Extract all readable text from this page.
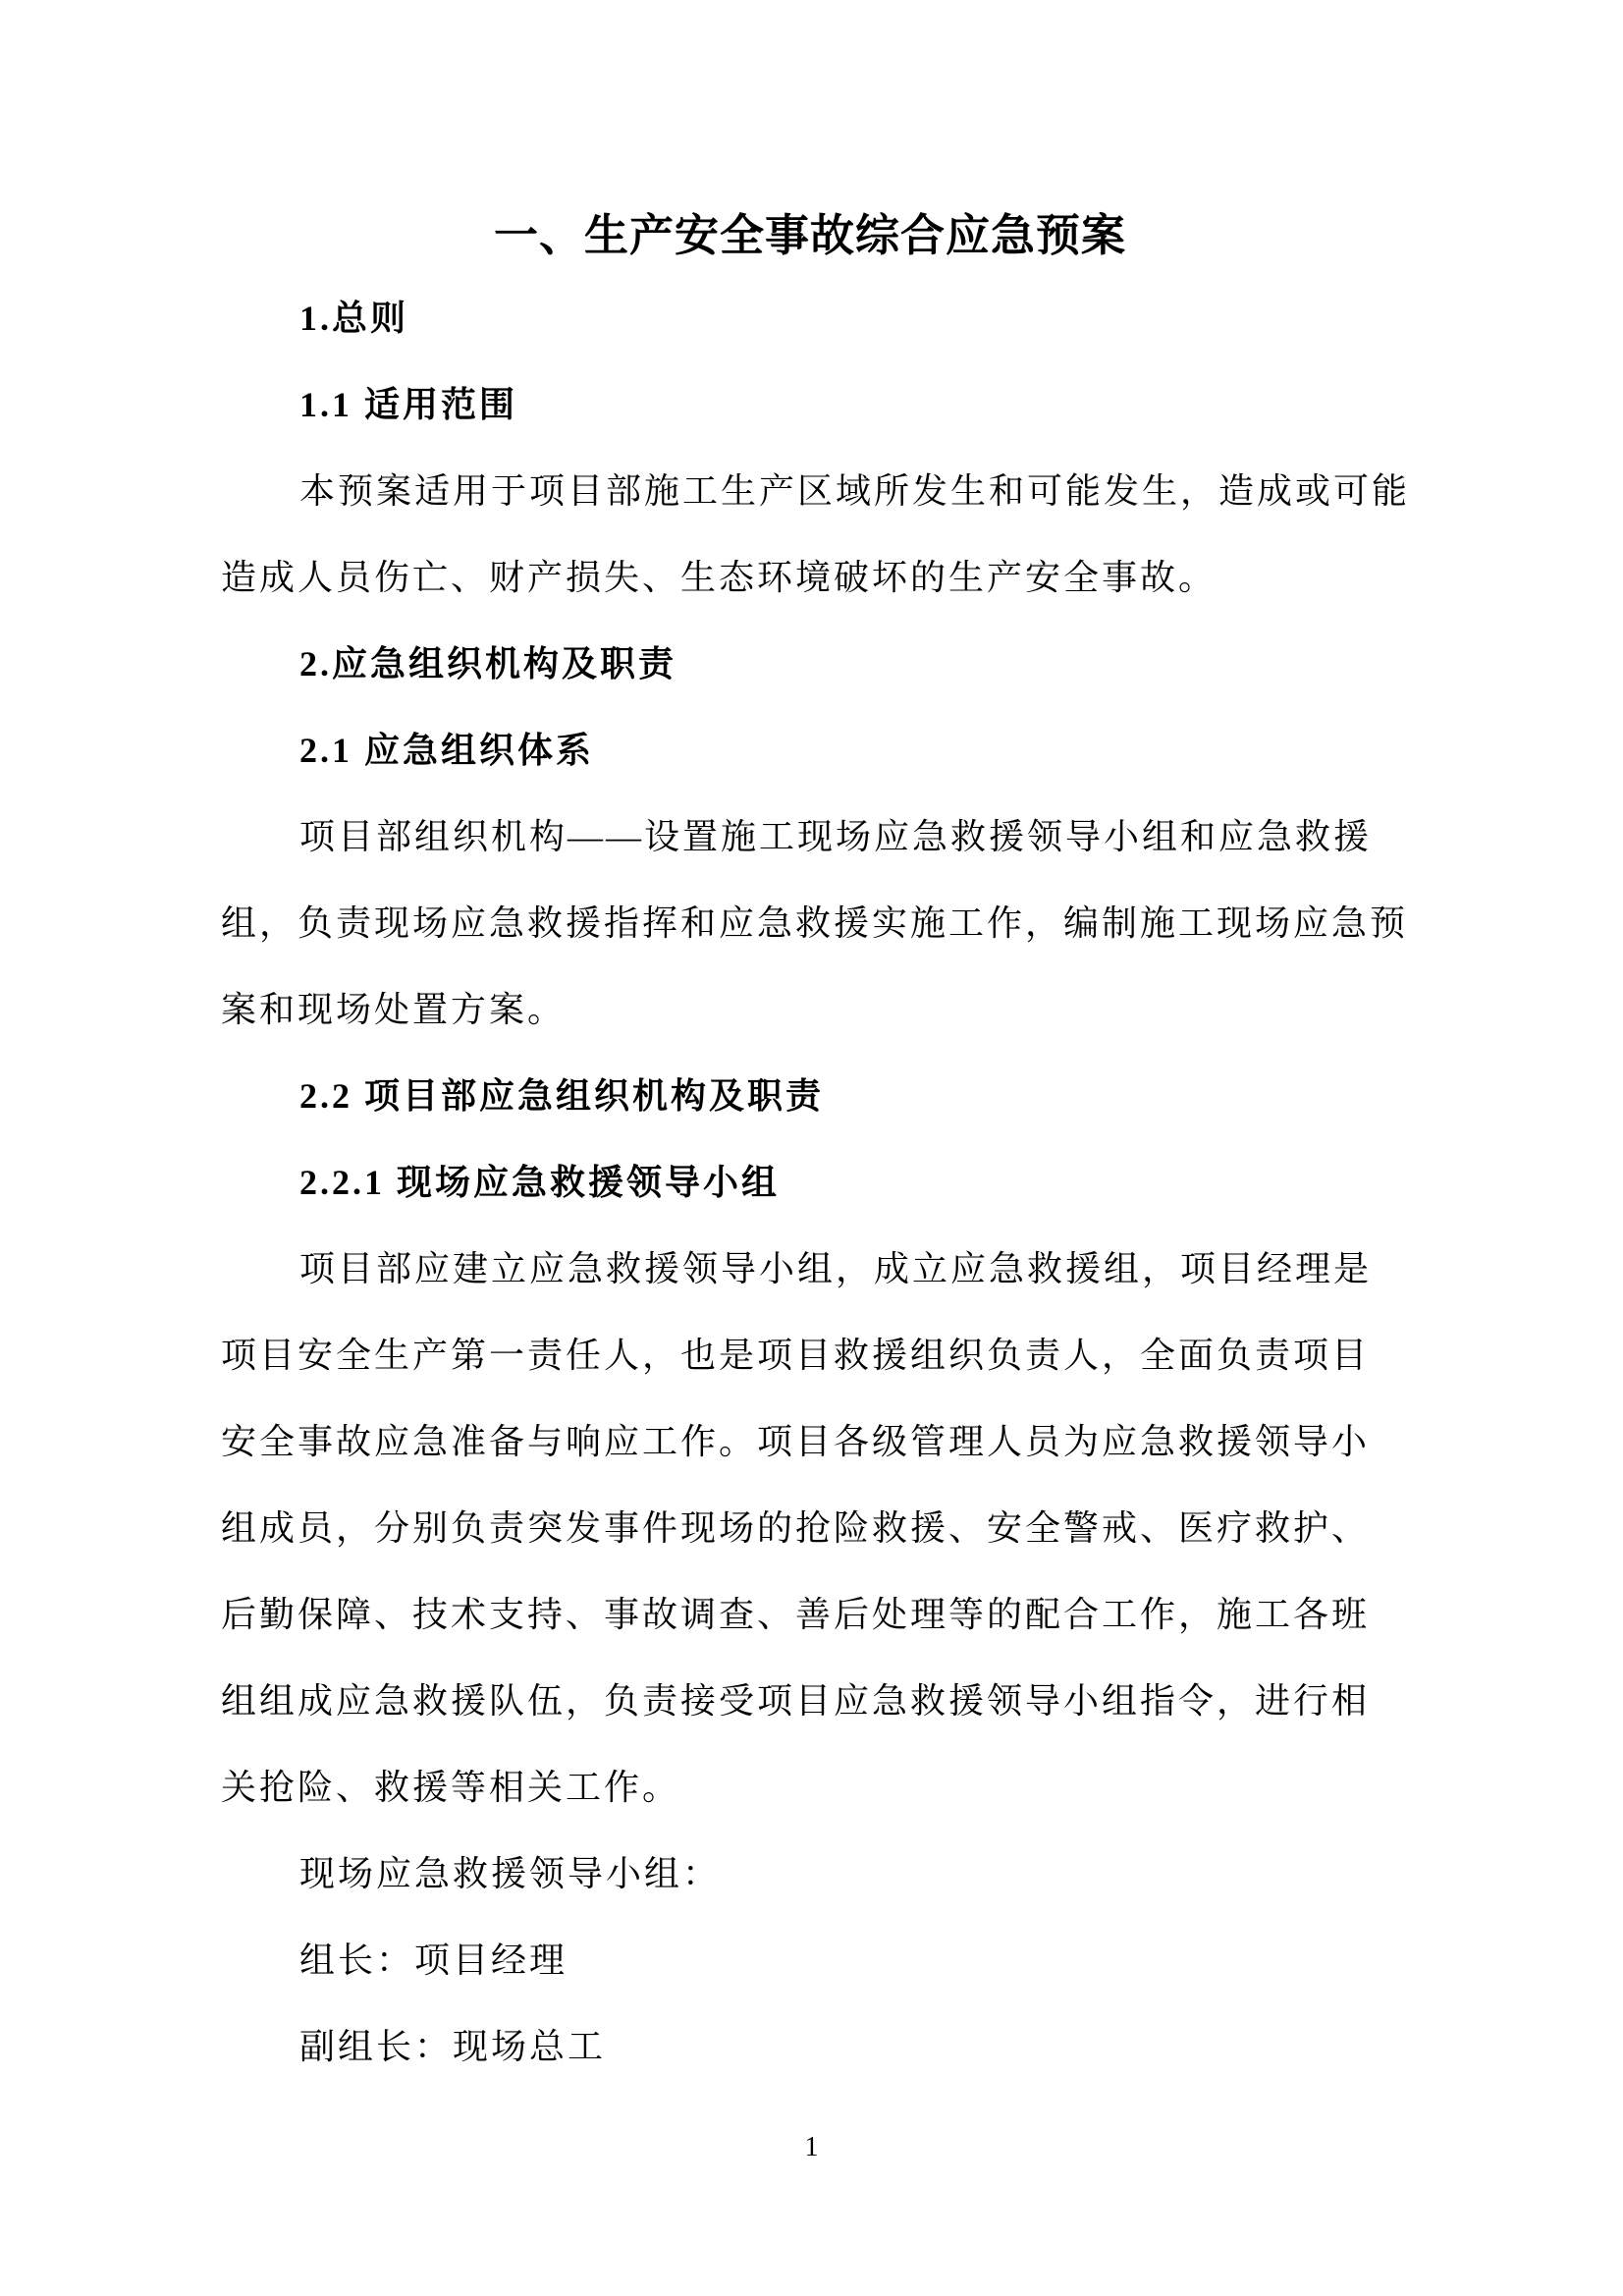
一、生产安全事故综合应急预案
1.总则
1.1 适用范围
本预案适用于项目部施工生产区域所发生和可能发生，造成或可能
造成人员伤亡、财产损失、生态环境破坏的生产安全事故。
2.应急组织机构及职责
2.1 应急组织体系
项目部组织机构——设置施工现场应急救援领导小组和应急救援
组，负责现场应急救援指挥和应急救援实施工作，编制施工现场应急预
案和现场处置方案。
2.2 项目部应急组织机构及职责
2.2.1 现场应急救援领导小组
项目部应建立应急救援领导小组，成立应急救援组，项目经理是
项目安全生产第一责任人，也是项目救援组织负责人，全面负责项目
安全事故应急准备与响应工作。项目各级管理人员为应急救援领导小
组成员，分别负责突发事件现场的抢险救援、安全警戒、医疗救护、
后勤保障、技术支持、事故调查、善后处理等的配合工作，施工各班
组组成应急救援队伍，负责接受项目应急救援领导小组指令，进行相
关抢险、救援等相关工作。
现场应急救援领导小组：
组长：项目经理
副组长：现场总工
1
